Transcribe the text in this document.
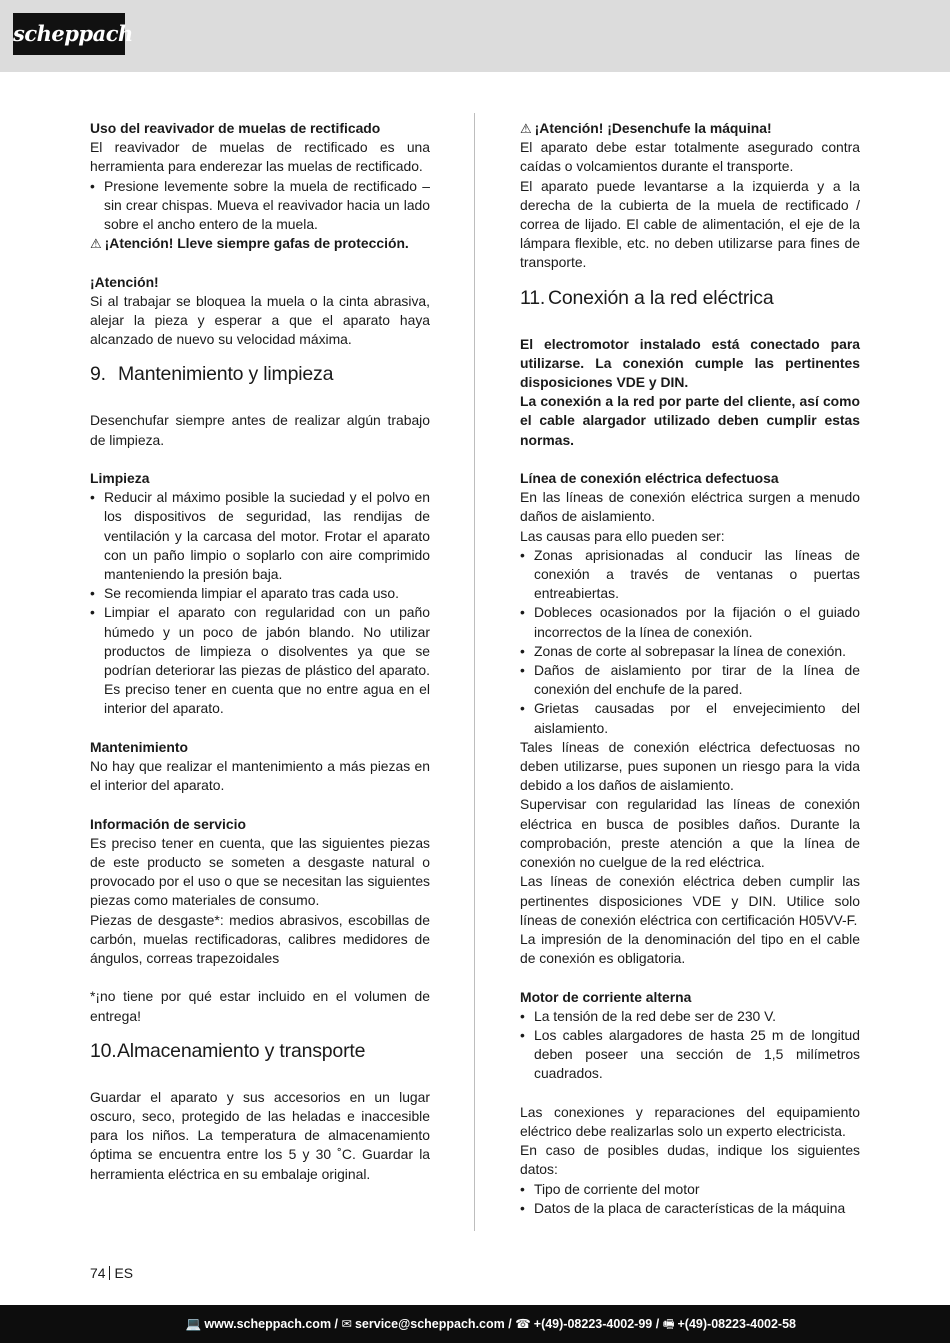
scheppach

Uso del reavivador de muelas de rectificado

El reavivador de muelas de rectificado es una herramienta para enderezar las muelas de rectificado.

• Presione levemente sobre la muela de rectificado – sin crear chispas. Mueva el reavivador hacia un lado sobre el ancho entero de la muela.

⚠ ¡Atención! Lleve siempre gafas de protección.

¡Atención!

Si al trabajar se bloquea la muela o la cinta abrasiva, alejar la pieza y esperar a que el aparato haya alcanzado de nuevo su velocidad máxima.

9. Mantenimiento y limpieza

Desenchufar siempre antes de realizar algún trabajo de limpieza.

Limpieza

• Reducir al máximo posible la suciedad y el polvo en los dispositivos de seguridad, las rendijas de ventilación y la carcasa del motor. Frotar el aparato con un paño limpio o soplarlo con aire comprimido manteniendo la presión baja.
• Se recomienda limpiar el aparato tras cada uso.
• Limpiar el aparato con regularidad con un paño húmedo y un poco de jabón blando. No utilizar productos de limpieza o disolventes ya que se podrían deteriorar las piezas de plástico del aparato. Es preciso tener en cuenta que no entre agua en el interior del aparato.

Mantenimiento

No hay que realizar el mantenimiento a más piezas en el interior del aparato.

Información de servicio

Es preciso tener en cuenta, que las siguientes piezas de este producto se someten a desgaste natural o provocado por el uso o que se necesitan las siguientes piezas como materiales de consumo.

Piezas de desgaste*: medios abrasivos, escobillas de carbón, muelas rectificadoras, calibres medidores de ángulos, correas trapezoidales

*¡no tiene por qué estar incluido en el volumen de entrega!

10.Almacenamiento y transporte

Guardar el aparato y sus accesorios en un lugar oscuro, seco, protegido de las heladas e inaccesible para los niños. La temperatura de almacenamiento óptima se encuentra entre los 5 y 30 ˚C. Guardar la herramienta eléctrica en su embalaje original.

⚠ ¡Atención! ¡Desenchufe la máquina!

El aparato debe estar totalmente asegurado contra caídas o volcamientos durante el transporte.

El aparato puede levantarse a la izquierda y a la derecha de la cubierta de la muela de rectificado / correa de lijado. El cable de alimentación, el eje de la lámpara flexible, etc. no deben utilizarse para fines de transporte.

11. Conexión a la red eléctrica

El electromotor instalado está conectado para utilizarse. La conexión cumple las pertinentes disposiciones VDE y DIN.

La conexión a la red por parte del cliente, así como el cable alargador utilizado deben cumplir estas normas.

Línea de conexión eléctrica defectuosa

En las líneas de conexión eléctrica surgen a menudo daños de aislamiento.

Las causas para ello pueden ser:

• Zonas aprisionadas al conducir las líneas de conexión a través de ventanas o puertas entreabiertas.
• Dobleces ocasionados por la fijación o el guiado incorrectos de la línea de conexión.
• Zonas de corte al sobrepasar la línea de conexión.
• Daños de aislamiento por tirar de la línea de conexión del enchufe de la pared.
• Grietas causadas por el envejecimiento del aislamiento.

Tales líneas de conexión eléctrica defectuosas no deben utilizarse, pues suponen un riesgo para la vida debido a los daños de aislamiento.

Supervisar con regularidad las líneas de conexión eléctrica en busca de posibles daños. Durante la comprobación, preste atención a que la línea de conexión no cuelgue de la red eléctrica.

Las líneas de conexión eléctrica deben cumplir las pertinentes disposiciones VDE y DIN. Utilice solo líneas de conexión eléctrica con certificación H05VV-F.

La impresión de la denominación del tipo en el cable de conexión es obligatoria.

Motor de corriente alterna

• La tensión de la red debe ser de 230 V.
• Los cables alargadores de hasta 25 m de longitud deben poseer una sección de 1,5 milímetros cuadrados.

Las conexiones y reparaciones del equipamiento eléctrico debe realizarlas solo un experto electricista.

En caso de posibles dudas, indique los siguientes datos:

• Tipo de corriente del motor
• Datos de la placa de características de la máquina
74 ES
💻 www.scheppach.com / ✉ service@scheppach.com / ☎ +(49)-08223-4002-99 / 🖷 +(49)-08223-4002-58
